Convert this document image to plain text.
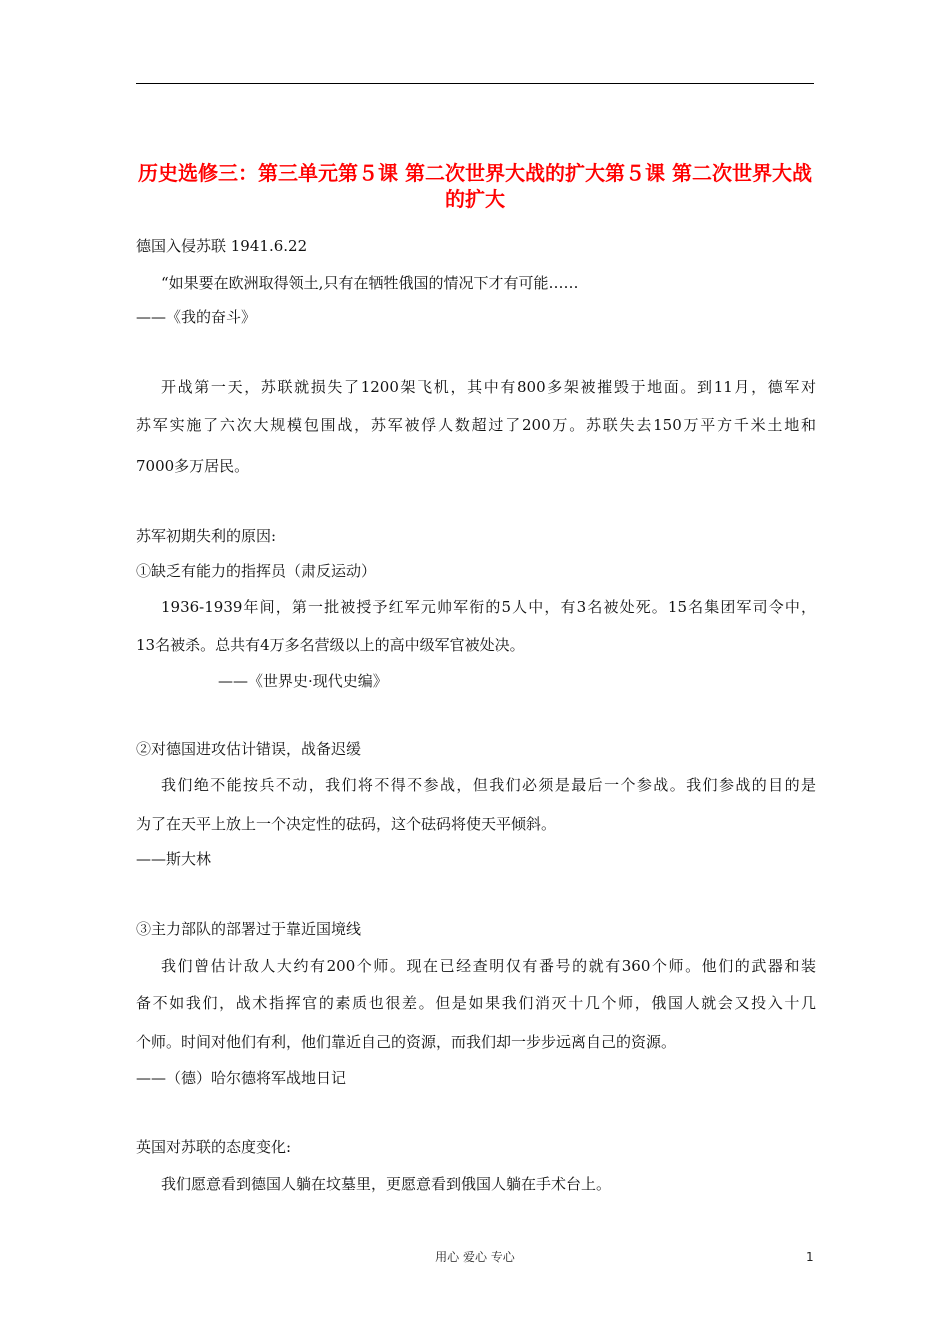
历史选修三：第三单元第５课 第二次世界大战的扩大第５课 第二次世界大战的扩大
德国入侵苏联 1941.6.22
“如果要在欧洲取得领土,只有在牺牲俄国的情况下才有可能……
——《我的奋斗》
开战第一天，苏联就损失了1200架飞机，其中有800多架被摧毁于地面。到11月，德军对
苏军实施了六次大规模包围战，苏军被俘人数超过了200万。苏联失去150万平方千米土地和
7000多万居民。
苏军初期失利的原因:
①缺乏有能力的指挥员（肃反运动）
1936-1939年间，第一批被授予红军元帅军衔的5人中，有3名被处死。15名集团军司令中，
13名被杀。总共有4万多名营级以上的高中级军官被处决。
——《世界史·现代史编》
②对德国进攻估计错误，战备迟缓
我们绝不能按兵不动，我们将不得不参战，但我们必须是最后一个参战。我们参战的目的是
为了在天平上放上一个决定性的砝码，这个砝码将使天平倾斜。
——斯大林
③主力部队的部署过于靠近国境线
我们曾估计敌人大约有200个师。现在已经查明仅有番号的就有360个师。他们的武器和装
备不如我们，战术指挥官的素质也很差。但是如果我们消灭十几个师，俄国人就会又投入十几
个师。时间对他们有利，他们靠近自己的资源，而我们却一步步远离自己的资源。
——（德）哈尔德将军战地日记
英国对苏联的态度变化:
我们愿意看到德国人躺在坟墓里，更愿意看到俄国人躺在手术台上。
用心 爱心 专心	1
